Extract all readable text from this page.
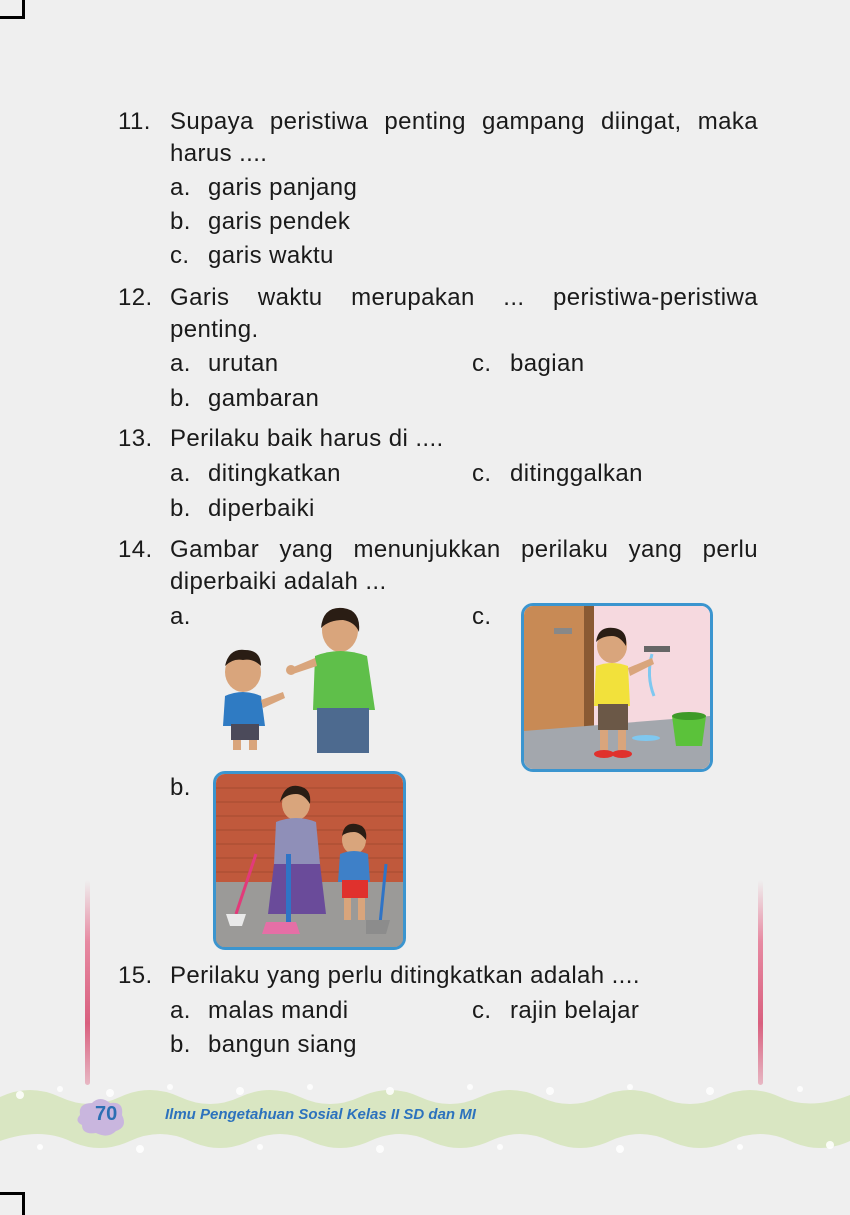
11. Supaya peristiwa penting gampang diingat, maka harus ....
a. garis panjang
b. garis pendek
c. garis waktu
12. Garis waktu merupakan ... peristiwa-peristiwa penting.
a. urutan	c. bagian
b. gambaran
13. Perilaku baik harus di ....
a. ditingkatkan	c. ditinggalkan
b. diperbaiki
14. Gambar yang menunjukkan perilaku yang perlu diperbaiki adalah ...
a.	c.
b.
15. Perilaku yang perlu ditingkatkan adalah ....
a. malas mandi	c. rajin belajar
b. bangun siang
70	Ilmu Pengetahuan Sosial Kelas II SD dan MI
